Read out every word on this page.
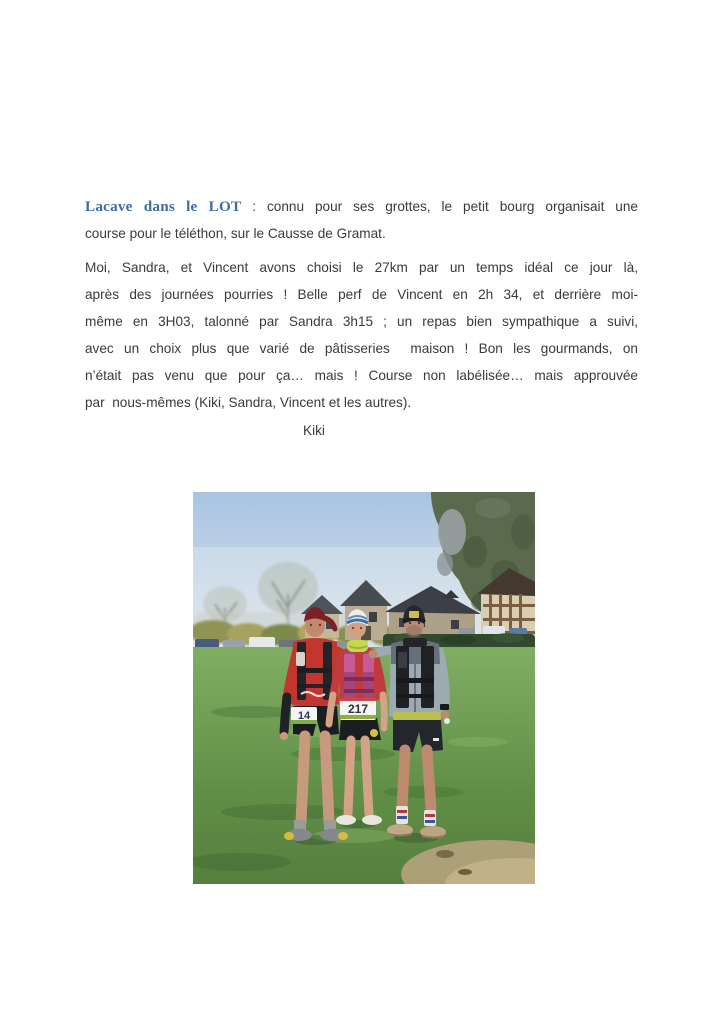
Lacave dans le LOT : connu pour ses grottes, le petit bourg organisait une
course pour le téléthon, sur le Causse de Gramat.

Moi, Sandra, et Vincent avons choisi le 27km par un temps idéal ce jour là,
après des journées pourries ! Belle perf de Vincent en 2h 34, et derrière moi-
même en 3H03, talonné par Sandra 3h15 ; un repas bien sympathique a suivi,
avec un choix plus que varié de pâtisseries  maison ! Bon les gourmands, on
n’était pas venu que pour ça… mais ! Course non labélisée… mais approuvée
par  nous-mêmes (Kiki, Sandra, Vincent et les autres).

Kiki

14	217
